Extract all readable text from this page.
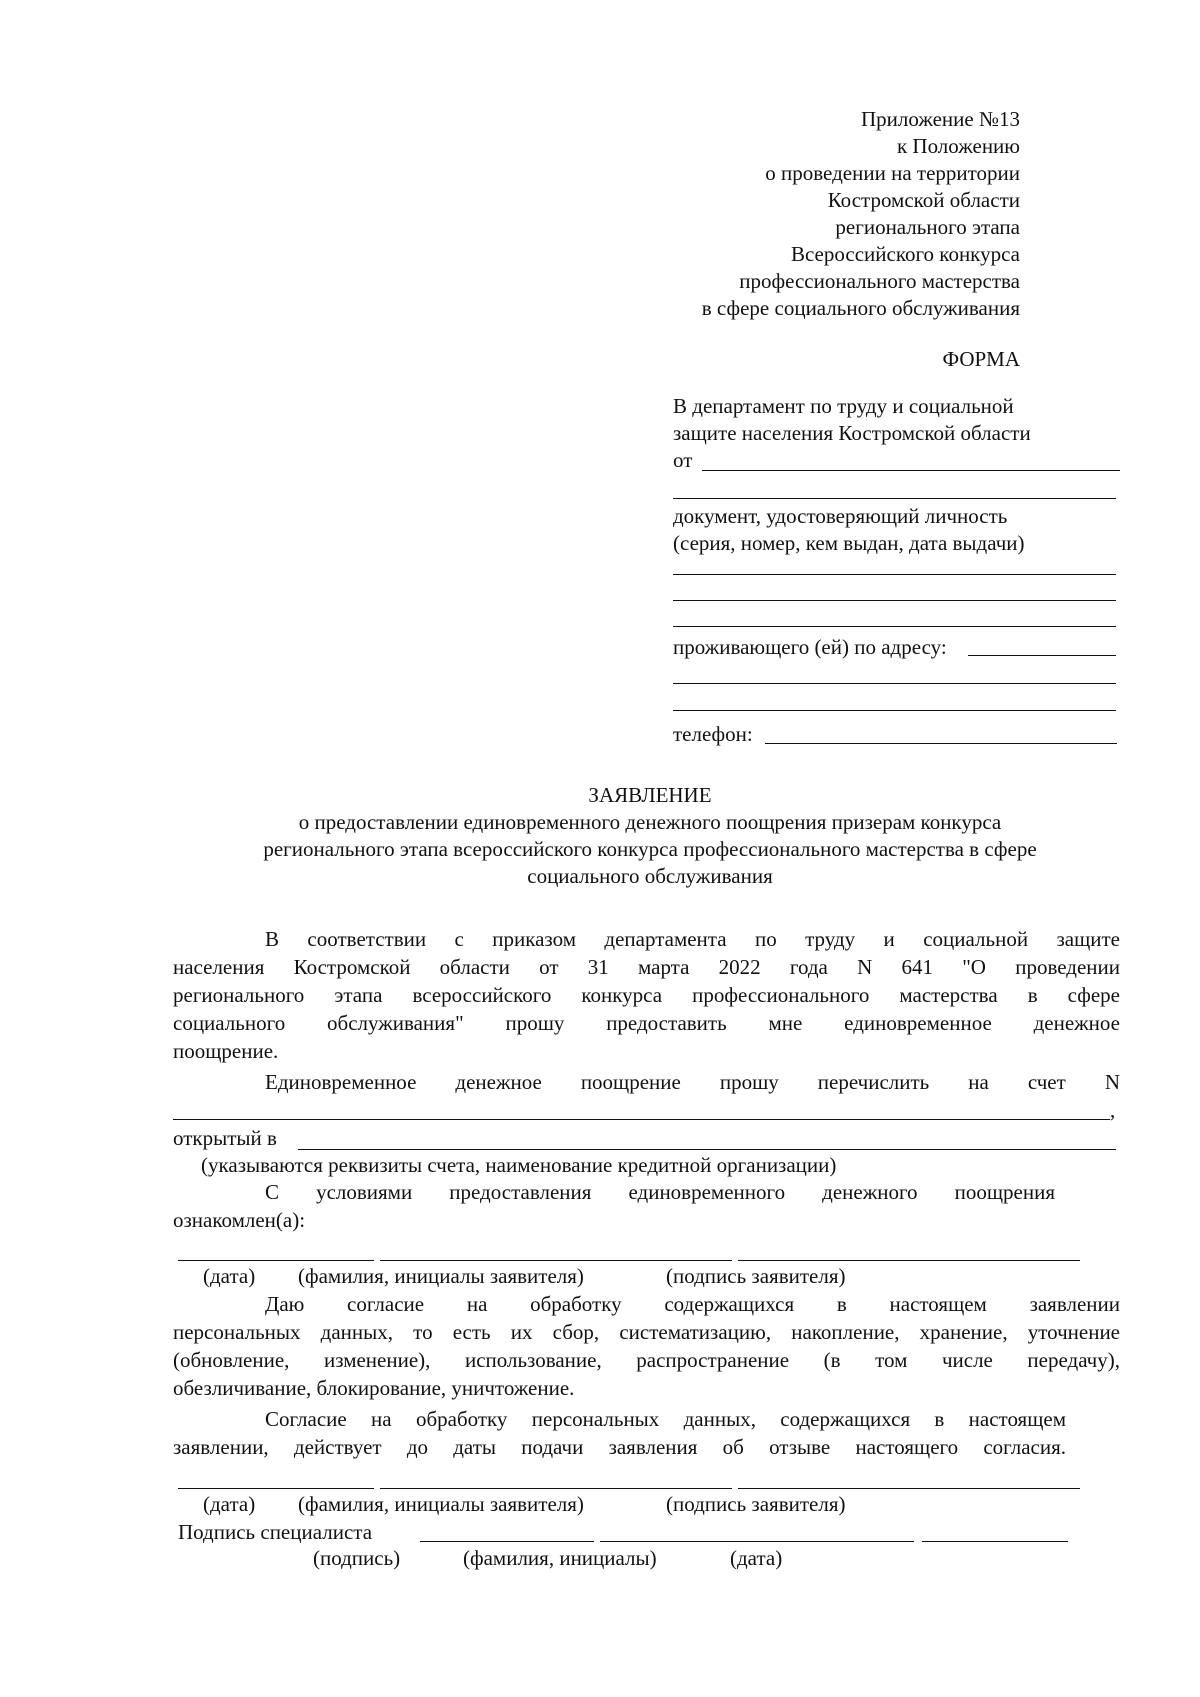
Приложение №13
к Положению
о проведении на территории
Костромской области
регионального этапа
Всероссийского конкурса
профессионального мастерства
в сфере социального обслуживания
ФОРМА
В департамент по труду и социальной
защите населения Костромской области
от
документ, удостоверяющий личность
(серия, номер, кем выдан, дата выдачи)
проживающего (ей) по адресу:
телефон:
ЗАЯВЛЕНИЕ
о предоставлении единовременного денежного поощрения призерам конкурса
регионального этапа всероссийского конкурса профессионального мастерства в сфере
социального обслуживания
В соответствии с приказом департамента по труду и социальной защите
населения Костромской области от 31 марта 2022 года N 641 "О проведении
регионального этапа всероссийского конкурса профессионального мастерства в сфере
социального обслуживания" прошу предоставить мне единовременное денежное
поощрение.
Единовременное денежное поощрение прошу перечислить на счет N
,
открытый в
(указываются реквизиты счета, наименование кредитной организации)
С условиями предоставления единовременного денежного поощрения
ознакомлен(а):
(дата) (фамилия, инициалы заявителя)	(подпись заявителя)
Даю согласие на обработку содержащихся в настоящем заявлении
персональных данных, то есть их сбор, систематизацию, накопление, хранение, уточнение
(обновление, изменение), использование, распространение (в том числе передачу),
обезличивание, блокирование, уничтожение.
Согласие на обработку персональных данных, содержащихся в настоящем
заявлении, действует до даты подачи заявления об отзыве настоящего согласия.
(дата) (фамилия, инициалы заявителя)	(подпись заявителя)
Подпись специалиста
(подпись)	(фамилия, инициалы)	(дата)
